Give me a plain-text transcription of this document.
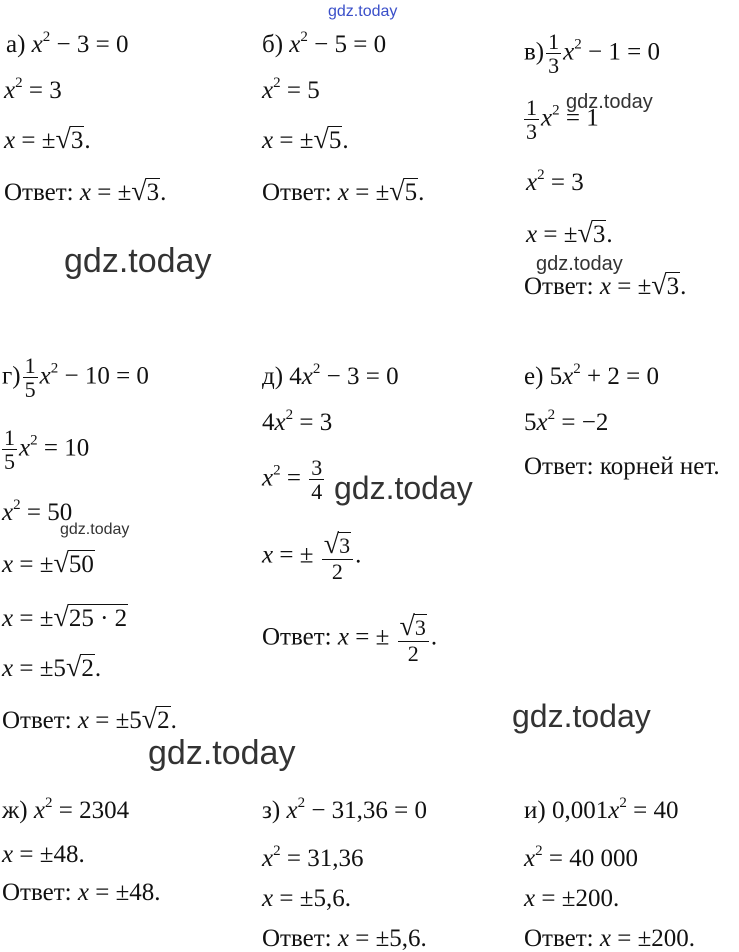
а) $x^2 - 3 = 0$
$x^2 = 3$
x = ±√3.
Ответ: x = ±√3.
б) $x^2 - 5 = 0$
$x^2 = 5$
x = ±√5.
Ответ: x = ±√5.
$в) \frac{1}{3} x^2 - 1 = 0$
$\frac{1}{3} x^2 = 1$
$x^2 = 3$
x = ±√3.
Ответ: x = ±√3.
$г) \frac{1}{5} x^2 - 10 = 0$
$\frac{1}{5} x^2 = 10$
$x^2 = 50$
x = ±√50
x = ±√25 · 2
x = ±5√2.
Ответ: x = ±5√2.
д) $4x^2 - 3 = 0$
$4x^2 = 3$
$x^2 = \frac{3}{4}$
x = ± $\frac{√3}{2}$ .
Ответ: x = ± $\frac{√3}{2}$ .
е) $5x^2 + 2 = 0$
$5x^2 = -2$
Ответ: корней нет.
ж) $x^2 = 2304$
x = ±48.
Ответ: x = ±48.
з) $x^2 - 31,36 = 0$
$x^2 = 31,36$
x = ±5,6.
Ответ: x = ±5,6.
и) $0,001x^2 = 40$
$x^2 = 40$ 000
x = ±200.
Ответ: x = ±200.
gdz.today
gdz.today
gdz.today
gdz.today
gdz.today
gdz.today
gdz.today
gdz.today
